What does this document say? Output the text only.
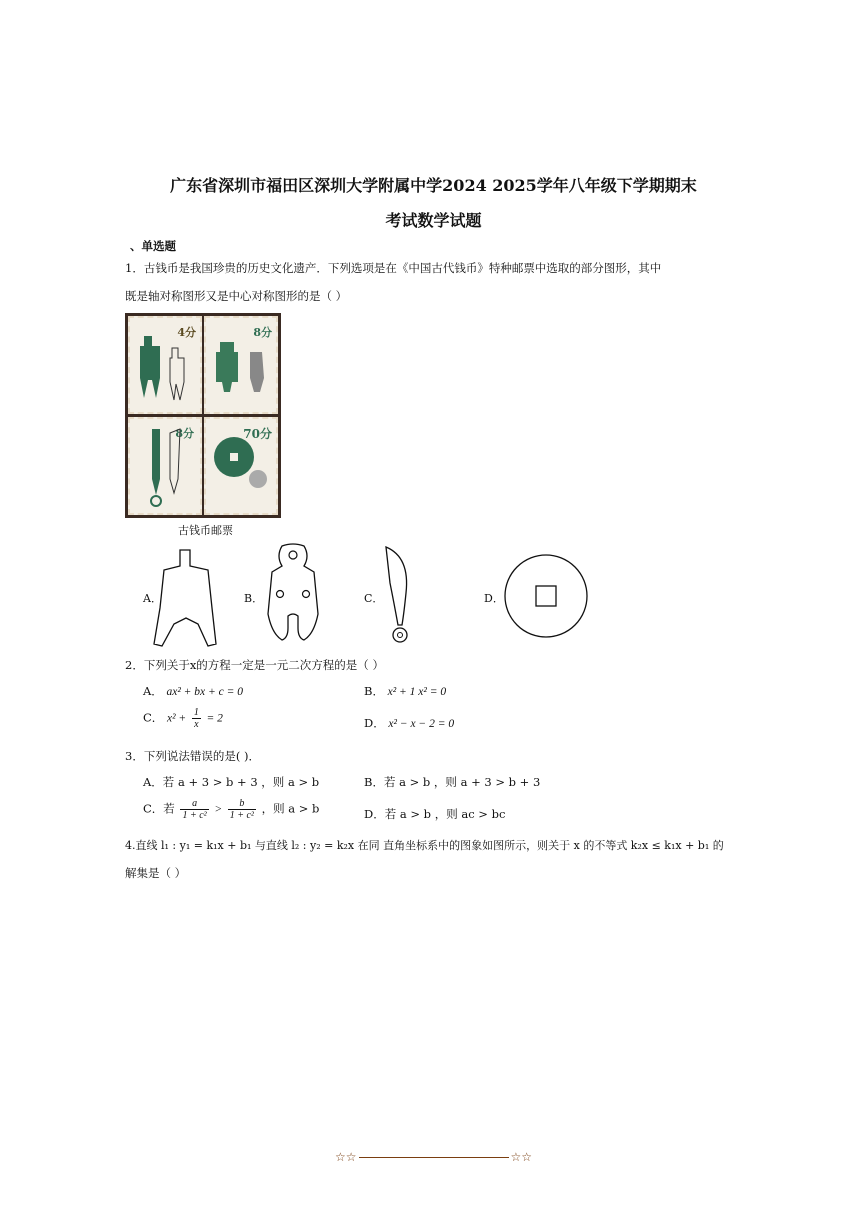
广东省深圳市福田区深圳大学附属中学2024 2025学年八年级下学期期末
考试数学试题
、单选题
1．古钱币是我国珍贵的历史文化遗产．下列选项是在《中国古代钱币》特种邮票中选取的部分图形，其中
既是轴对称图形又是中心对称图形的是（ ）
4分	8分
8分	70分
古钱币邮票
A．	B．	C．	D．
2．下列关于x的方程一定是一元二次方程的是（ ）
A． ax² + bx + c = 0	B． x² + 1 x² = 0
C． $x^2 + \frac{1}{x} = 2$	D． x² − x − 2 = 0
3．下列说法错误的是( )．
A．若 a + 3 > b + 3 ，则 a > b	B．若 a > b ，则 a + 3 > b + 3
C．若 $\frac{a}{\text{1 + c²}} > \frac{b}{\text{1 + c²}}$ ，则 a > b	D．若 a > b ，则 ac > bc
4.直线 l₁ : y₁ = k₁x + b₁ 与直线 l₂ : y₂ = k₂x 在同 直角坐标系中的图象如图所示，则关于 x 的不等式 k₂x ≤ k₁x + b₁ 的
解集是（ ）
☆☆	☆☆
